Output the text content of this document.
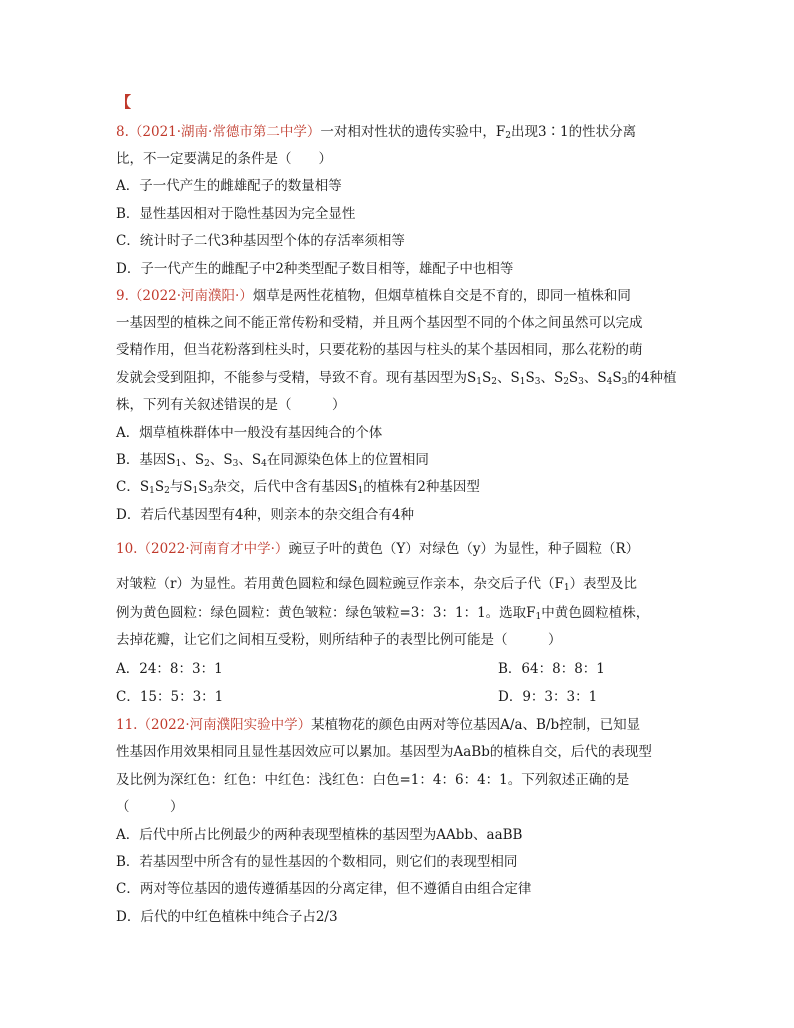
【
8.（2021·湖南·常德市第二中学）一对相对性状的遗传实验中，$F_2$出现3∶1的性状分离
比，不一定要满足的条件是（　　）
A．子一代产生的雌雄配子的数量相等
B．显性基因相对于隐性基因为完全显性
C．统计时子二代3种基因型个体的存活率须相等
D．子一代产生的雌配子中2种类型配子数目相等，雄配子中也相等
9.（2022·河南濮阳·）烟草是两性花植物，但烟草植株自交是不育的，即同一植株和同
一基因型的植株之间不能正常传粉和受精，并且两个基因型不同的个体之间虽然可以完成
受精作用，但当花粉落到柱头时，只要花粉的基因与柱头的某个基因相同，那么花粉的萌
发就会受到阻抑，不能参与受精，导致不育。现有基因型为$S_1S_2$、$S_1S_3$、$S_2S_3$、$S_4S_3$的4种植
株，下列有关叙述错误的是（　　　）
A．烟草植株群体中一般没有基因纯合的个体
B．基因$S_1$、$S_2$、$S_3$、$S_4$在同源染色体上的位置相同
C．$S_1S_2$与$S_1S_3$杂交，后代中含有基因$S_1$的植株有2种基因型
D．若后代基因型有4种，则亲本的杂交组合有4种
10.（2022·河南育才中学·）豌豆子叶的黄色（Y）对绿色（y）为显性，种子圆粒（R）
对皱粒（r）为显性。若用黄色圆粒和绿色圆粒豌豆作亲本，杂交后子代$(F_1)$表型及比
例为黄色圆粒：绿色圆粒：黄色皱粒：绿色皱粒=3：3：1：1。选取$F_1$中黄色圆粒植株，
去掉花瓣，让它们之间相互受粉，则所结种子的表型比例可能是（　　　）
A．24：8：3：1	B．64：8：8：1
C．15：5：3：1	D．9：3：3：1
11.（2022·河南濮阳实验中学）某植物花的颜色由两对等位基因A/a、B/b控制，已知显
性基因作用效果相同且显性基因效应可以累加。基因型为AaBb的植株自交，后代的表现型
及比例为深红色：红色：中红色：浅红色：白色=1：4：6：4：1。下列叙述正确的是
（　　　）
A．后代中所占比例最少的两种表现型植株的基因型为AAbb、aaBB
B．若基因型中所含有的显性基因的个数相同，则它们的表现型相同
C．两对等位基因的遗传遵循基因的分离定律，但不遵循自由组合定律
D．后代的中红色植株中纯合子占2/3
